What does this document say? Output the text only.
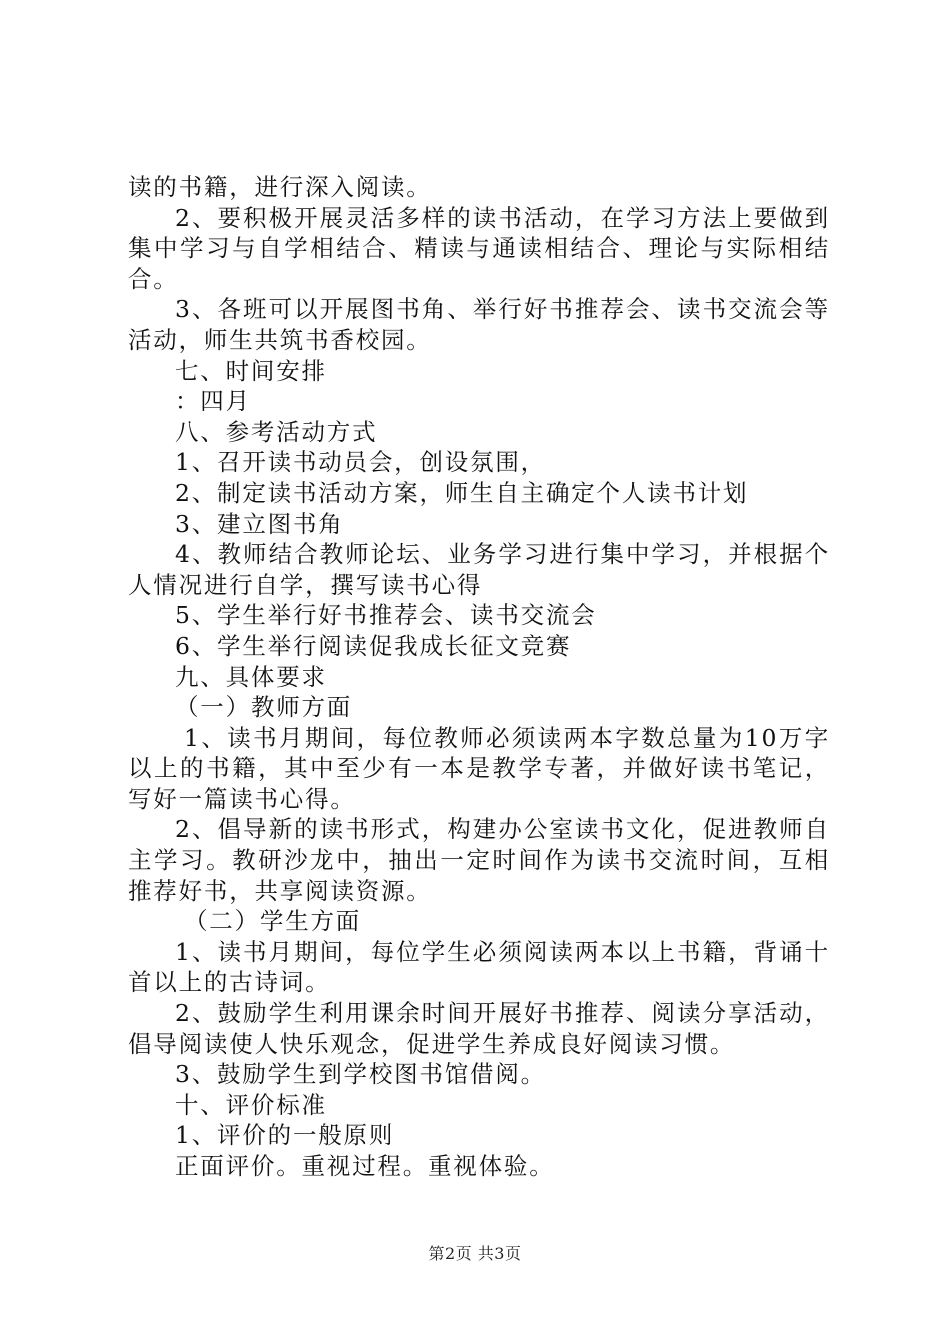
读的书籍，进行深入阅读。

2、要积极开展灵活多样的读书活动，在学习方法上要做到集中学习与自学相结合、精读与通读相结合、理论与实际相结合。

3、各班可以开展图书角、举行好书推荐会、读书交流会等活动，师生共筑书香校园。

七、时间安排

：四月

八、参考活动方式

1、召开读书动员会，创设氛围，

2、制定读书活动方案，师生自主确定个人读书计划

3、建立图书角

4、教师结合教师论坛、业务学习进行集中学习，并根据个人情况进行自学，撰写读书心得

5、学生举行好书推荐会、读书交流会

6、学生举行阅读促我成长征文竞赛

九、具体要求

（一）教师方面

1、读书月期间，每位教师必须读两本字数总量为10万字以上的书籍，其中至少有一本是教学专著，并做好读书笔记，写好一篇读书心得。

2、倡导新的读书形式，构建办公室读书文化，促进教师自主学习。教研沙龙中，抽出一定时间作为读书交流时间，互相推荐好书，共享阅读资源。

（二）学生方面

1、读书月期间，每位学生必须阅读两本以上书籍，背诵十首以上的古诗词。

2、鼓励学生利用课余时间开展好书推荐、阅读分享活动，倡导阅读使人快乐观念，促进学生养成良好阅读习惯。

3、鼓励学生到学校图书馆借阅。

十、评价标准

1、评价的一般原则

正面评价。重视过程。重视体验。

第2页 共3页
